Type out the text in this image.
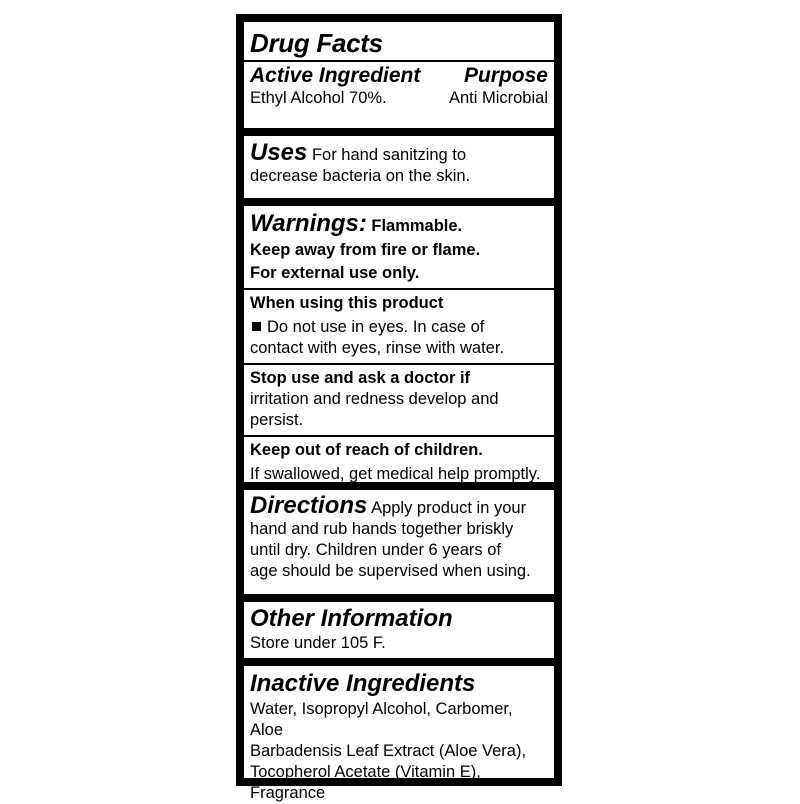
Drug Facts
Active Ingredient Purpose
Ethyl Alcohol 70%.	Anti Microbial
Uses For hand sanitzing to
decrease bacteria on the skin.
Warnings: Flammable.
Keep away from fire or flame.
For external use only.
When using this product
Do not use in eyes. In case of
contact with eyes, rinse with water.
Stop use and ask a doctor if
irritation and redness develop and persist.
Keep out of reach of children.
If swallowed, get medical help promptly.
Directions Apply product in your
hand and rub hands together briskly
until dry. Children under 6 years of
age should be supervised when using.
Other Information
Store under 105 F.
Inactive Ingredients
Water, Isopropyl Alcohol, Carbomer, Aloe
Barbadensis Leaf Extract (Aloe Vera),
Tocopherol Acetate (Vitamin E), Fragrance
